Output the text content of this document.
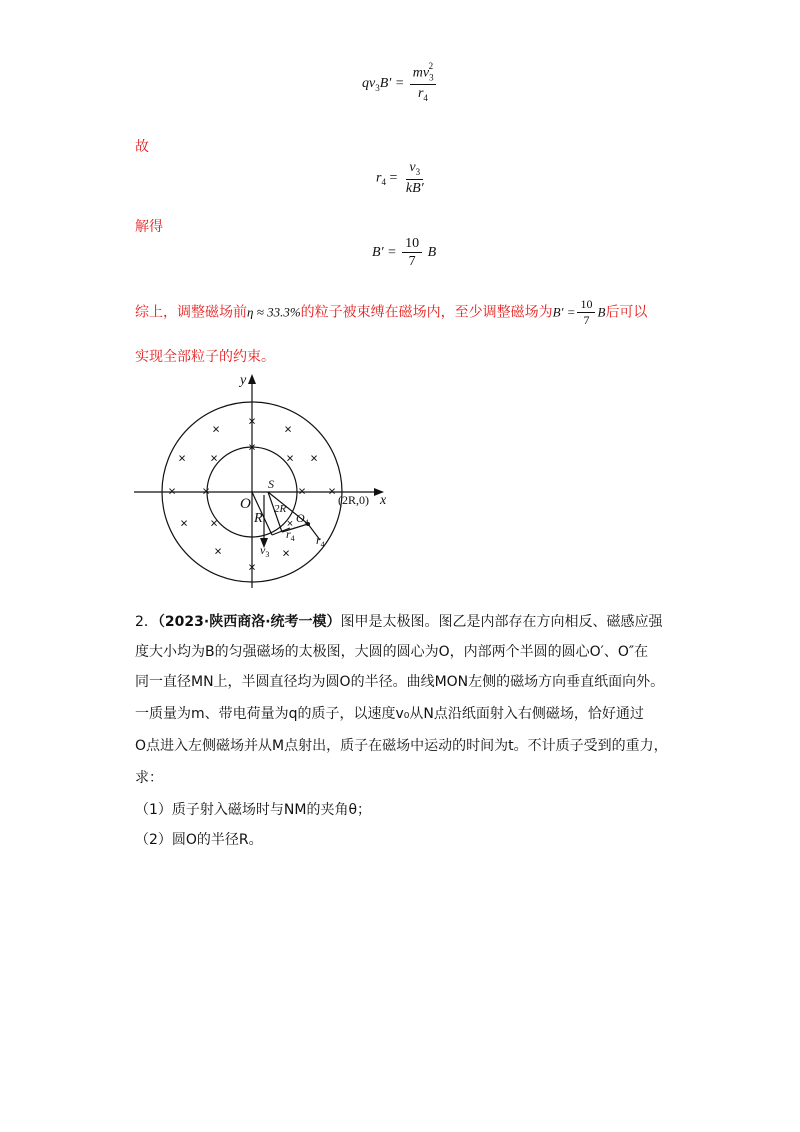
$qv_3B' = \frac{mv_3^2}{r_4}$
故
$r_4 = \frac{v_3}{kB'}$
解得
$B' = \frac{10}{7}$ B
综上，调整磁场前η ≈ 33.3%的粒子被束缚在磁场内，至少调整磁场为$B' = \frac{10}{7}$ B后可以
实现全部粒子的约束。
×
×	×
×
× ×	× ×
× ×	× ×
× ×
×	×
×
×
y
x
O
S
R
2R
$O_4$
(2R,0)
$v_3$
$r_4$ $r_4$
2．（2023·陕西商洛·统考一模）图甲是太极图。图乙是内部存在方向相反、磁感应强
度大小均为B的匀强磁场的太极图，大圆的圆心为O，内部两个半圆的圆心O′、O″在
同一直径MN上，半圆直径均为圆O的半径。曲线MON左侧的磁场方向垂直纸面向外。
一质量为m、带电荷量为q的质子，以速度v₀从N点沿纸面射入右侧磁场，恰好通过
O点进入左侧磁场并从M点射出，质子在磁场中运动的时间为t。不计质子受到的重力，
求：
（1）质子射入磁场时与NM的夹角θ；
（2）圆O的半径R。
